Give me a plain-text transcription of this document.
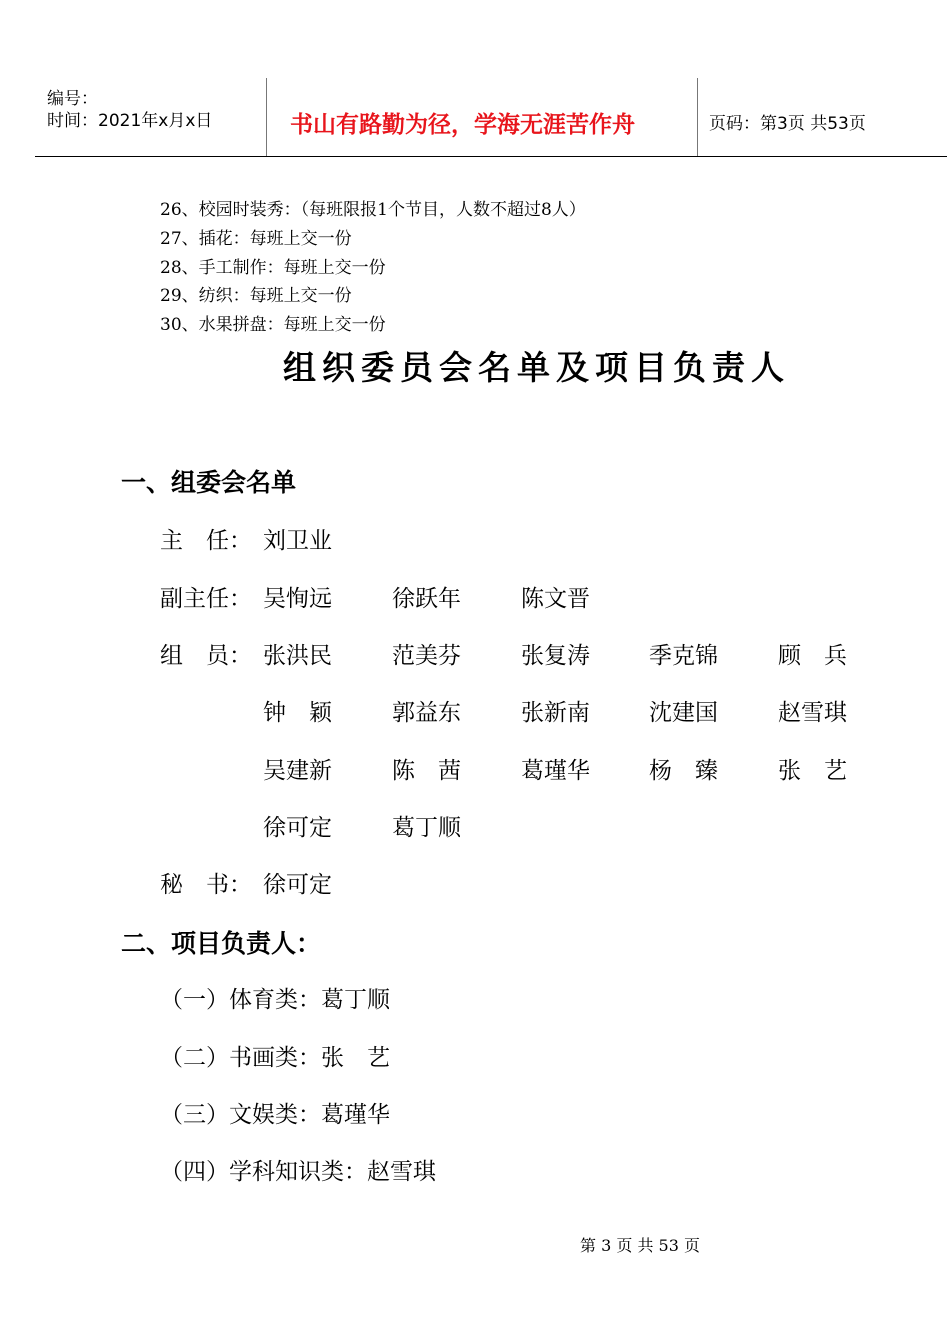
编号：
时间：2021年x月x日	书山有路勤为径，学海无涯苦作舟	页码：第3页 共53页
26、校园时装秀：（每班限报1个节目，人数不超过8人）
27、插花：每班上交一份
28、手工制作：每班上交一份
29、纺织：每班上交一份
30、水果拼盘：每班上交一份
组织委员会名单及项目负责人
一、组委会名单
主　任： 刘卫业
副主任： 吴恂远	徐跃年	陈文晋
组　员： 张洪民	范美芬	张复涛	季克锦	顾　兵
钟　颖	郭益东	张新南	沈建国	赵雪琪
吴建新	陈　茜	葛瑾华	杨　臻	张　艺
徐可定	葛丁顺
秘　书： 徐可定
二、项目负责人：
（一）体育类：葛丁顺
（二）书画类：张　艺
（三）文娱类：葛瑾华
（四）学科知识类：赵雪琪
第 3 页 共 53 页
